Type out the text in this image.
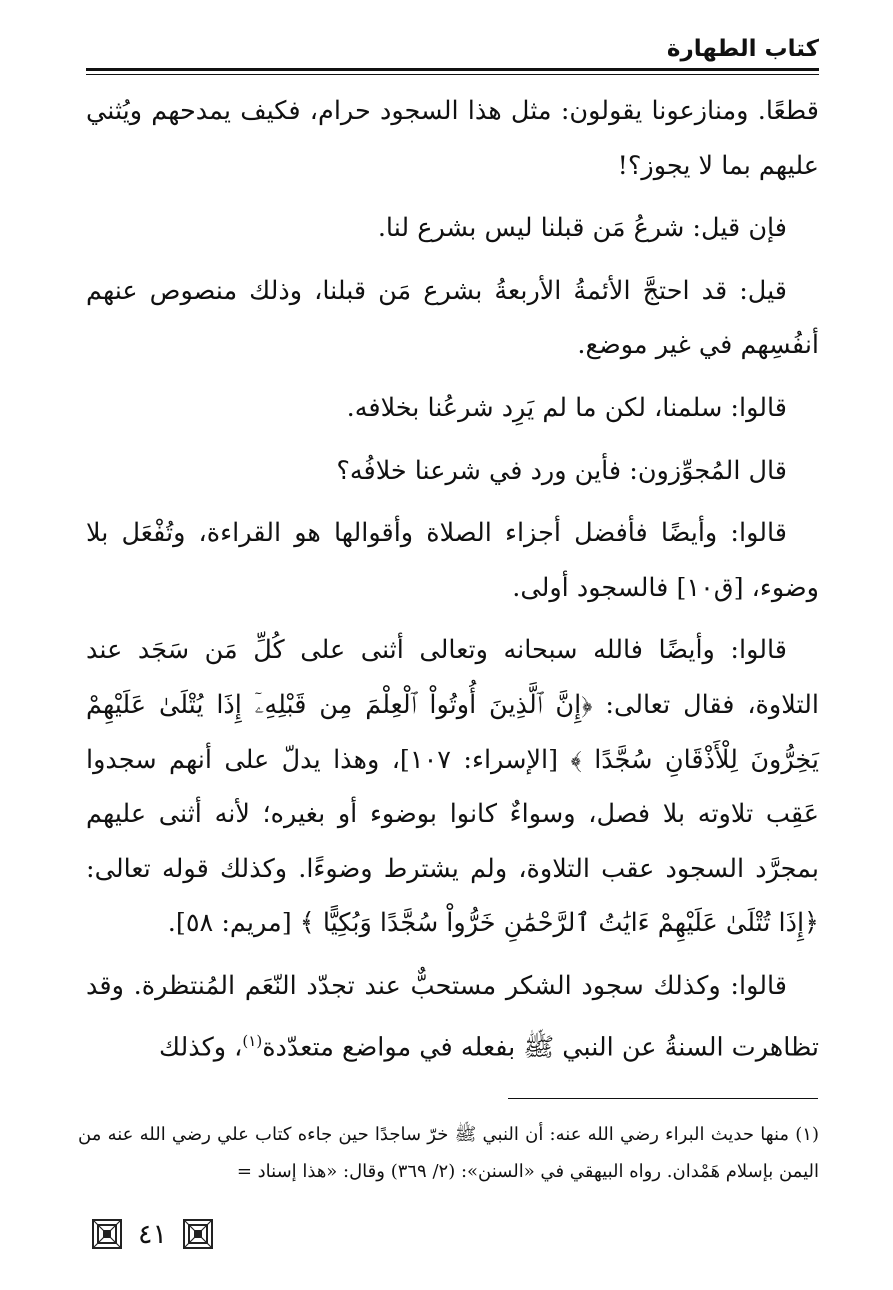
كتاب الطهارة

قطعًا. ومنازعونا يقولون: مثل هذا السجود حرام، فكيف يمدحهم ويُثني عليهم بما لا يجوز؟!

فإن قيل: شرعُ مَن قبلنا ليس بشرع لنا.

قيل: قد احتجَّ الأئمةُ الأربعةُ بشرع مَن قبلنا، وذلك منصوص عنهم أنفُسِهم في غير موضع.

قالوا: سلمنا، لكن ما لم يَرِد شرعُنا بخلافه.

قال المُجوِّزون: فأين ورد في شرعنا خلافُه؟

قالوا: وأيضًا فأفضل أجزاء الصلاة وأقوالها هو القراءة، وتُفْعَل بلا وضوء، [ق١٠] فالسجود أولى.

قالوا: وأيضًا فالله سبحانه وتعالى أثنى على كُلِّ مَن سَجَد عند التلاوة، فقال تعالى: ﴿إِنَّ ٱلَّذِينَ أُوتُواْ ٱلْعِلْمَ مِن قَبْلِهِۦٓ إِذَا يُتْلَىٰ عَلَيْهِمْ يَخِرُّونَ لِلْأَذْقَانِ سُجَّدًا ﴾ [الإسراء: ١٠٧]، وهذا يدلّ على أنهم سجدوا عَقِب تلاوته بلا فصل، وسواءٌ كانوا بوضوء أو بغيره؛ لأنه أثنى عليهم بمجرَّد السجود عقب التلاوة، ولم يشترط وضوءًا. وكذلك قوله تعالى: ﴿إِذَا تُتْلَىٰ عَلَيْهِمْ ءَايَٰتُ ٱلرَّحْمَٰنِ خَرُّواْ سُجَّدًا وَبُكِيًّا ﴾ [مريم: ٥٨].

قالوا: وكذلك سجود الشكر مستحبٌّ عند تجدّد النّعَم المُنتظرة. وقد تظاهرت السنةُ عن النبي ﷺ بفعله في مواضع متعدّدة$^{(١)}$، وكذلك

(١) منها حديث البراء رضي الله عنه: أن النبي ﷺ خرّ ساجدًا حين جاءه كتاب علي رضي الله عنه من اليمن بإسلام هَمْدان. رواه البيهقي في «السنن»: (٢/ ٣٦٩) وقال: «هذا إسناد =

٤١
